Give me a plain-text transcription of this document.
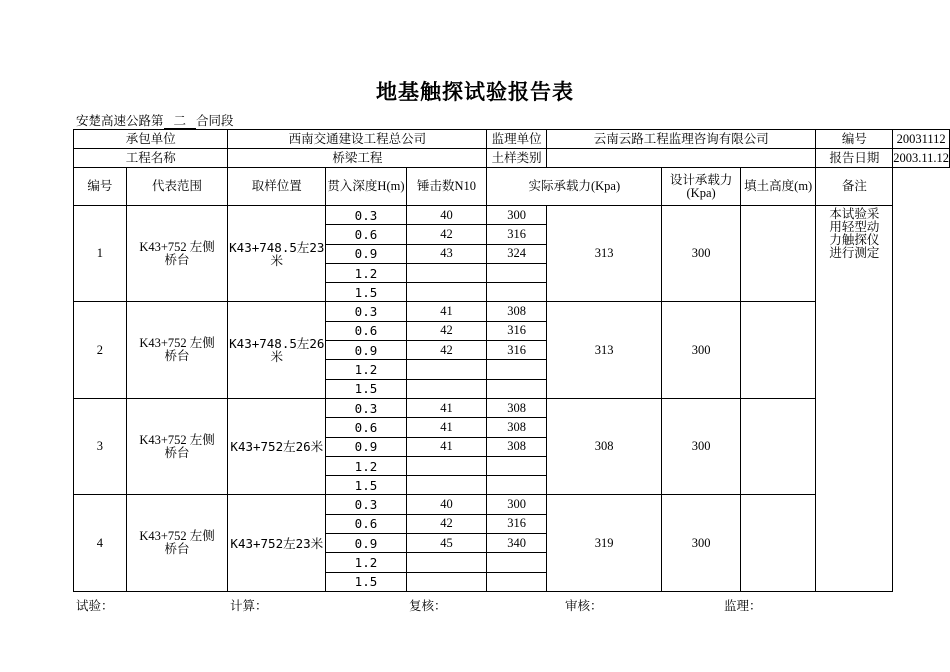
地基触探试验报告表
安楚高速公路第 二 合同段
承包单位		西南交通建设工程总公司			监理单位	云南云路工程监理咨询有限公司			编号	20031112
工程名称		桥梁工程			土样类别				报告日期	2003.11.12
编号	代表范围	取样位置	贯入深度H(m)	锤击数N10	实际承载力(Kpa)		设计承载力(Kpa)	填土高度(m)	备注	
1	K43+752 左侧桥台	K43+748.5左23米	0.3	40	300	313	300		本试验采用轻型动力触探仪进行测定	
			0.6	42	316					
			0.9	43	324					
			1.2							
			1.5							
2	K43+752 左侧桥台	K43+748.5左26米	0.3	41	308	313	300			
			0.6	42	316					
			0.9	42	316					
			1.2							
			1.5							
3	K43+752 左侧桥台	K43+752左26米	0.3	41	308	308	300			
			0.6	41	308					
			0.9	41	308					
			1.2							
			1.5							
4	K43+752 左侧桥台	K43+752左23米	0.3	40	300	319	300			
			0.6	42	316					
			0.9	45	340					
			1.2							
			1.5							
试验：	计算：	复核：	审核：	监理：
